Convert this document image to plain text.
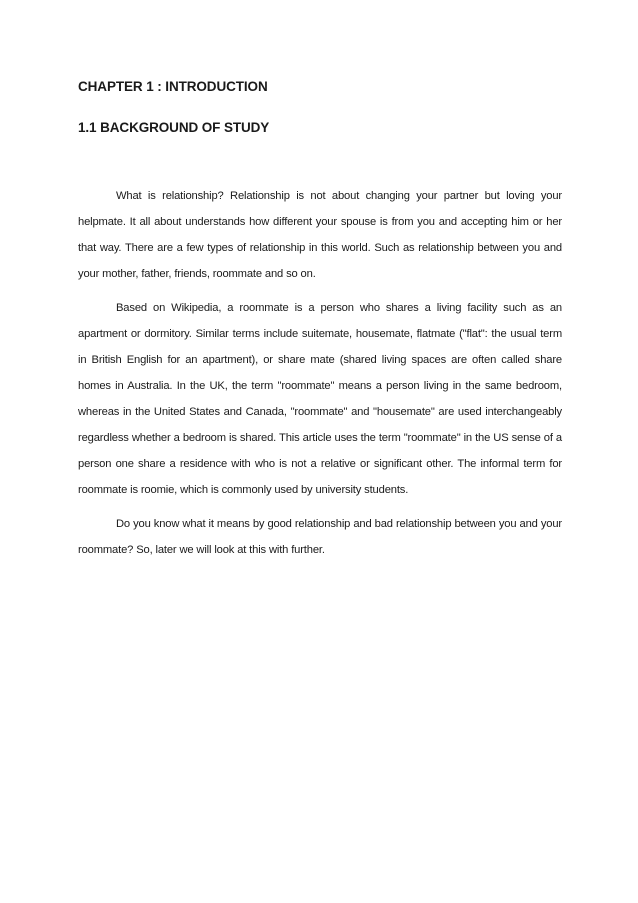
CHAPTER 1 : INTRODUCTION
1.1 BACKGROUND OF STUDY

What is relationship? Relationship is not about changing your partner but loving your helpmate. It all about understands how different your spouse is from you and accepting him or her that way. There are a few types of relationship in this world. Such as relationship between you and your mother, father, friends, roommate and so on.

Based on Wikipedia, a roommate is a person who shares a living facility such as an apartment or dormitory. Similar terms include suitemate, housemate, flatmate ("flat": the usual term in British English for an apartment), or share mate (shared living spaces are often called share homes in Australia. In the UK, the term "roommate" means a person living in the same bedroom, whereas in the United States and Canada, "roommate" and "housemate" are used interchangeably regardless whether a bedroom is shared. This article uses the term "roommate" in the US sense of a person one share a residence with who is not a relative or significant other. The informal term for roommate is roomie, which is commonly used by university students.

Do you know what it means by good relationship and bad relationship between you and your roommate? So, later we will look at this with further.
